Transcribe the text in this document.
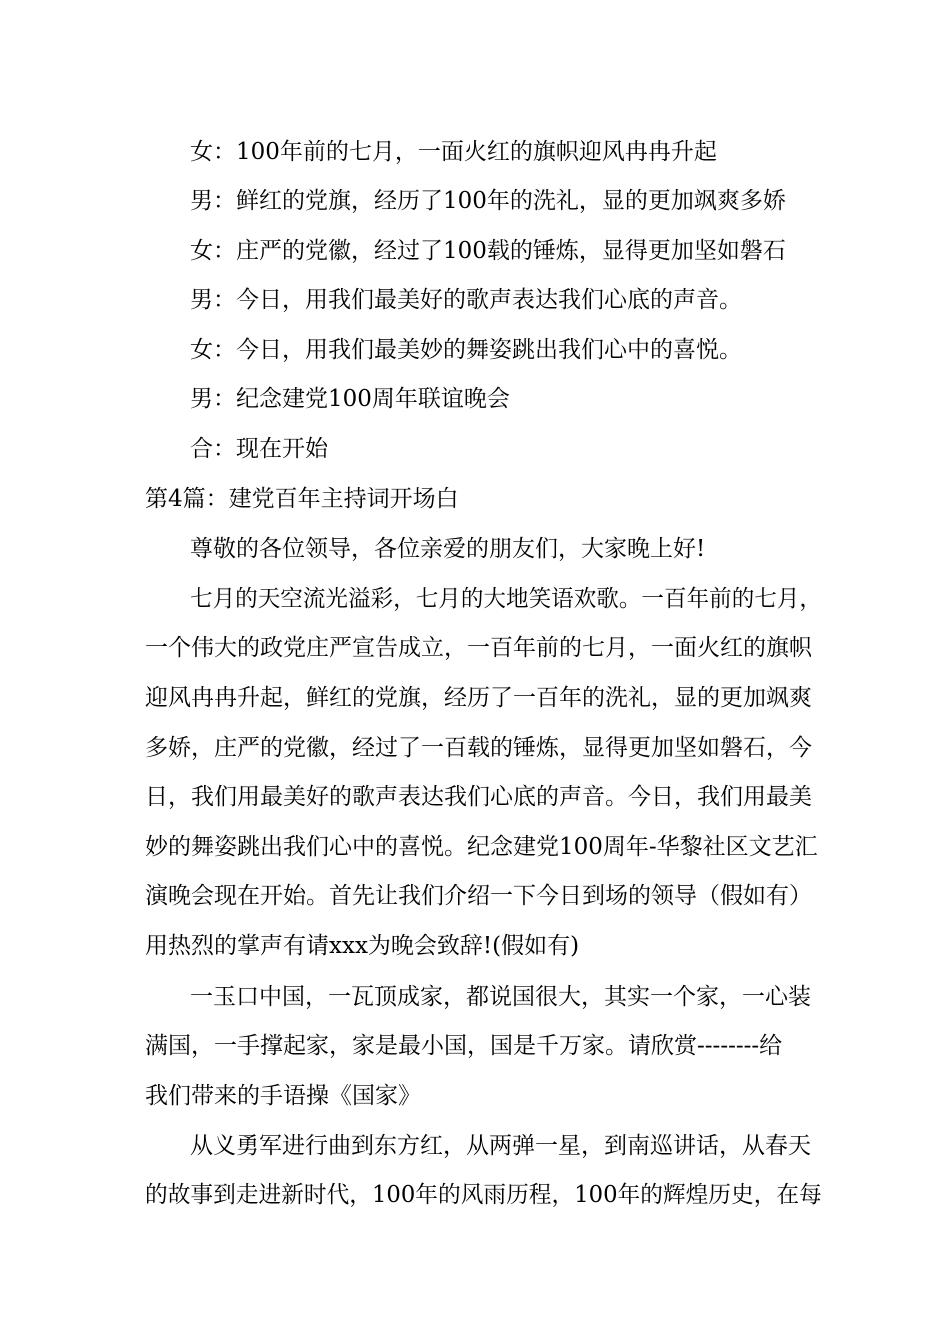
女：100年前的七月，一面火红的旗帜迎风冉冉升起
男：鲜红的党旗，经历了100年的洗礼，显的更加飒爽多娇
女：庄严的党徽，经过了100载的锤炼，显得更加坚如磐石
男：今日，用我们最美好的歌声表达我们心底的声音。
女：今日，用我们最美妙的舞姿跳出我们心中的喜悦。
男：纪念建党100周年联谊晚会
合：现在开始
第4篇：建党百年主持词开场白
尊敬的各位领导，各位亲爱的朋友们，大家晚上好!
七月的天空流光溢彩，七月的大地笑语欢歌。一百年前的七月，
一个伟大的政党庄严宣告成立，一百年前的七月，一面火红的旗帜
迎风冉冉升起，鲜红的党旗，经历了一百年的洗礼，显的更加飒爽
多娇，庄严的党徽，经过了一百载的锤炼，显得更加坚如磐石，今
日，我们用最美好的歌声表达我们心底的声音。今日，我们用最美
妙的舞姿跳出我们心中的喜悦。纪念建党100周年-华黎社区文艺汇
演晚会现在开始。首先让我们介绍一下今日到场的领导（假如有）
用热烈的掌声有请xxx为晚会致辞!(假如有)
一玉口中国，一瓦顶成家，都说国很大，其实一个家，一心装
满国，一手撑起家，家是最小国，国是千万家。请欣赏--------给
我们带来的手语操《国家》
从义勇军进行曲到东方红，从两弹一星，到南巡讲话，从春天
的故事到走进新时代，100年的风雨历程，100年的辉煌历史，在每
